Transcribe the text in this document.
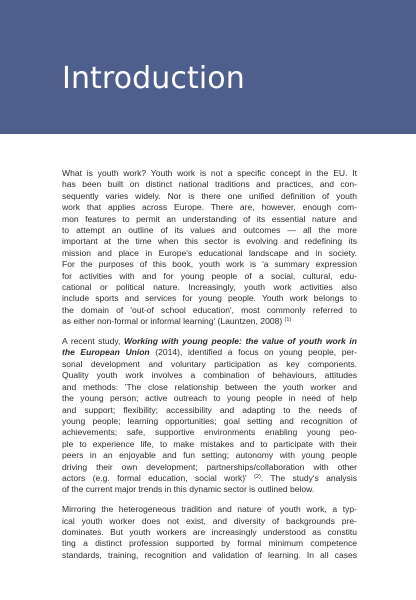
Introduction

What is youth work? Youth work is not a specific concept in the EU. It
has been built on distinct national traditions and practices, and con-
sequently varies widely. Nor is there one unified definition of youth
work that applies across Europe. There are, however, enough com-
mon features to permit an understanding of its essential nature and
to attempt an outline of its values and outcomes — all the more
important at the time when this sector is evolving and redefining its
mission and place in Europe's educational landscape and in society.
For the purposes of this book, youth work is 'a summary expression
for activities with and for young people of a social, cultural, edu-
cational or political nature. Increasingly, youth work activities also
include sports and services for young people. Youth work belongs to
the domain of 'out-of school education', most commonly referred to
as either non-formal or informal learning' (Launtzen, 2008) $^{(1)}$

A recent study, Working with young people: the value of youth work in
the European Union (2014), identified a focus on young people, per-
sonal development and voluntary participation as key components.
Quality youth work involves a combination of behaviours, attitudes
and methods: 'The close relationship between the youth worker and
the young person; active outreach to young people in need of help
and support; flexibility; accessibility and adapting to the needs of
young people; learning opportunities; goal setting and recognition of
achievements; safe, supportive environments enabling young peo-
ple to experience life, to make mistakes and to participate with their
peers in an enjoyable and fun setting; autonomy with young people
driving their own development; partnerships/collaboration with other
actors (e.g. formal education, social work)' $^{(2)}$. The study's analysis
of the current major trends in this dynamic sector is outlined below.

Mirroring the heterogeneous tradition and nature of youth work, a typ-
ical youth worker does not exist, and diversity of backgrounds pre-
dominates. But youth workers are increasingly understood as constitu
ting a distinct profession supported by formal minimum competence
standards, training, recognition and validation of learning. In all cases
